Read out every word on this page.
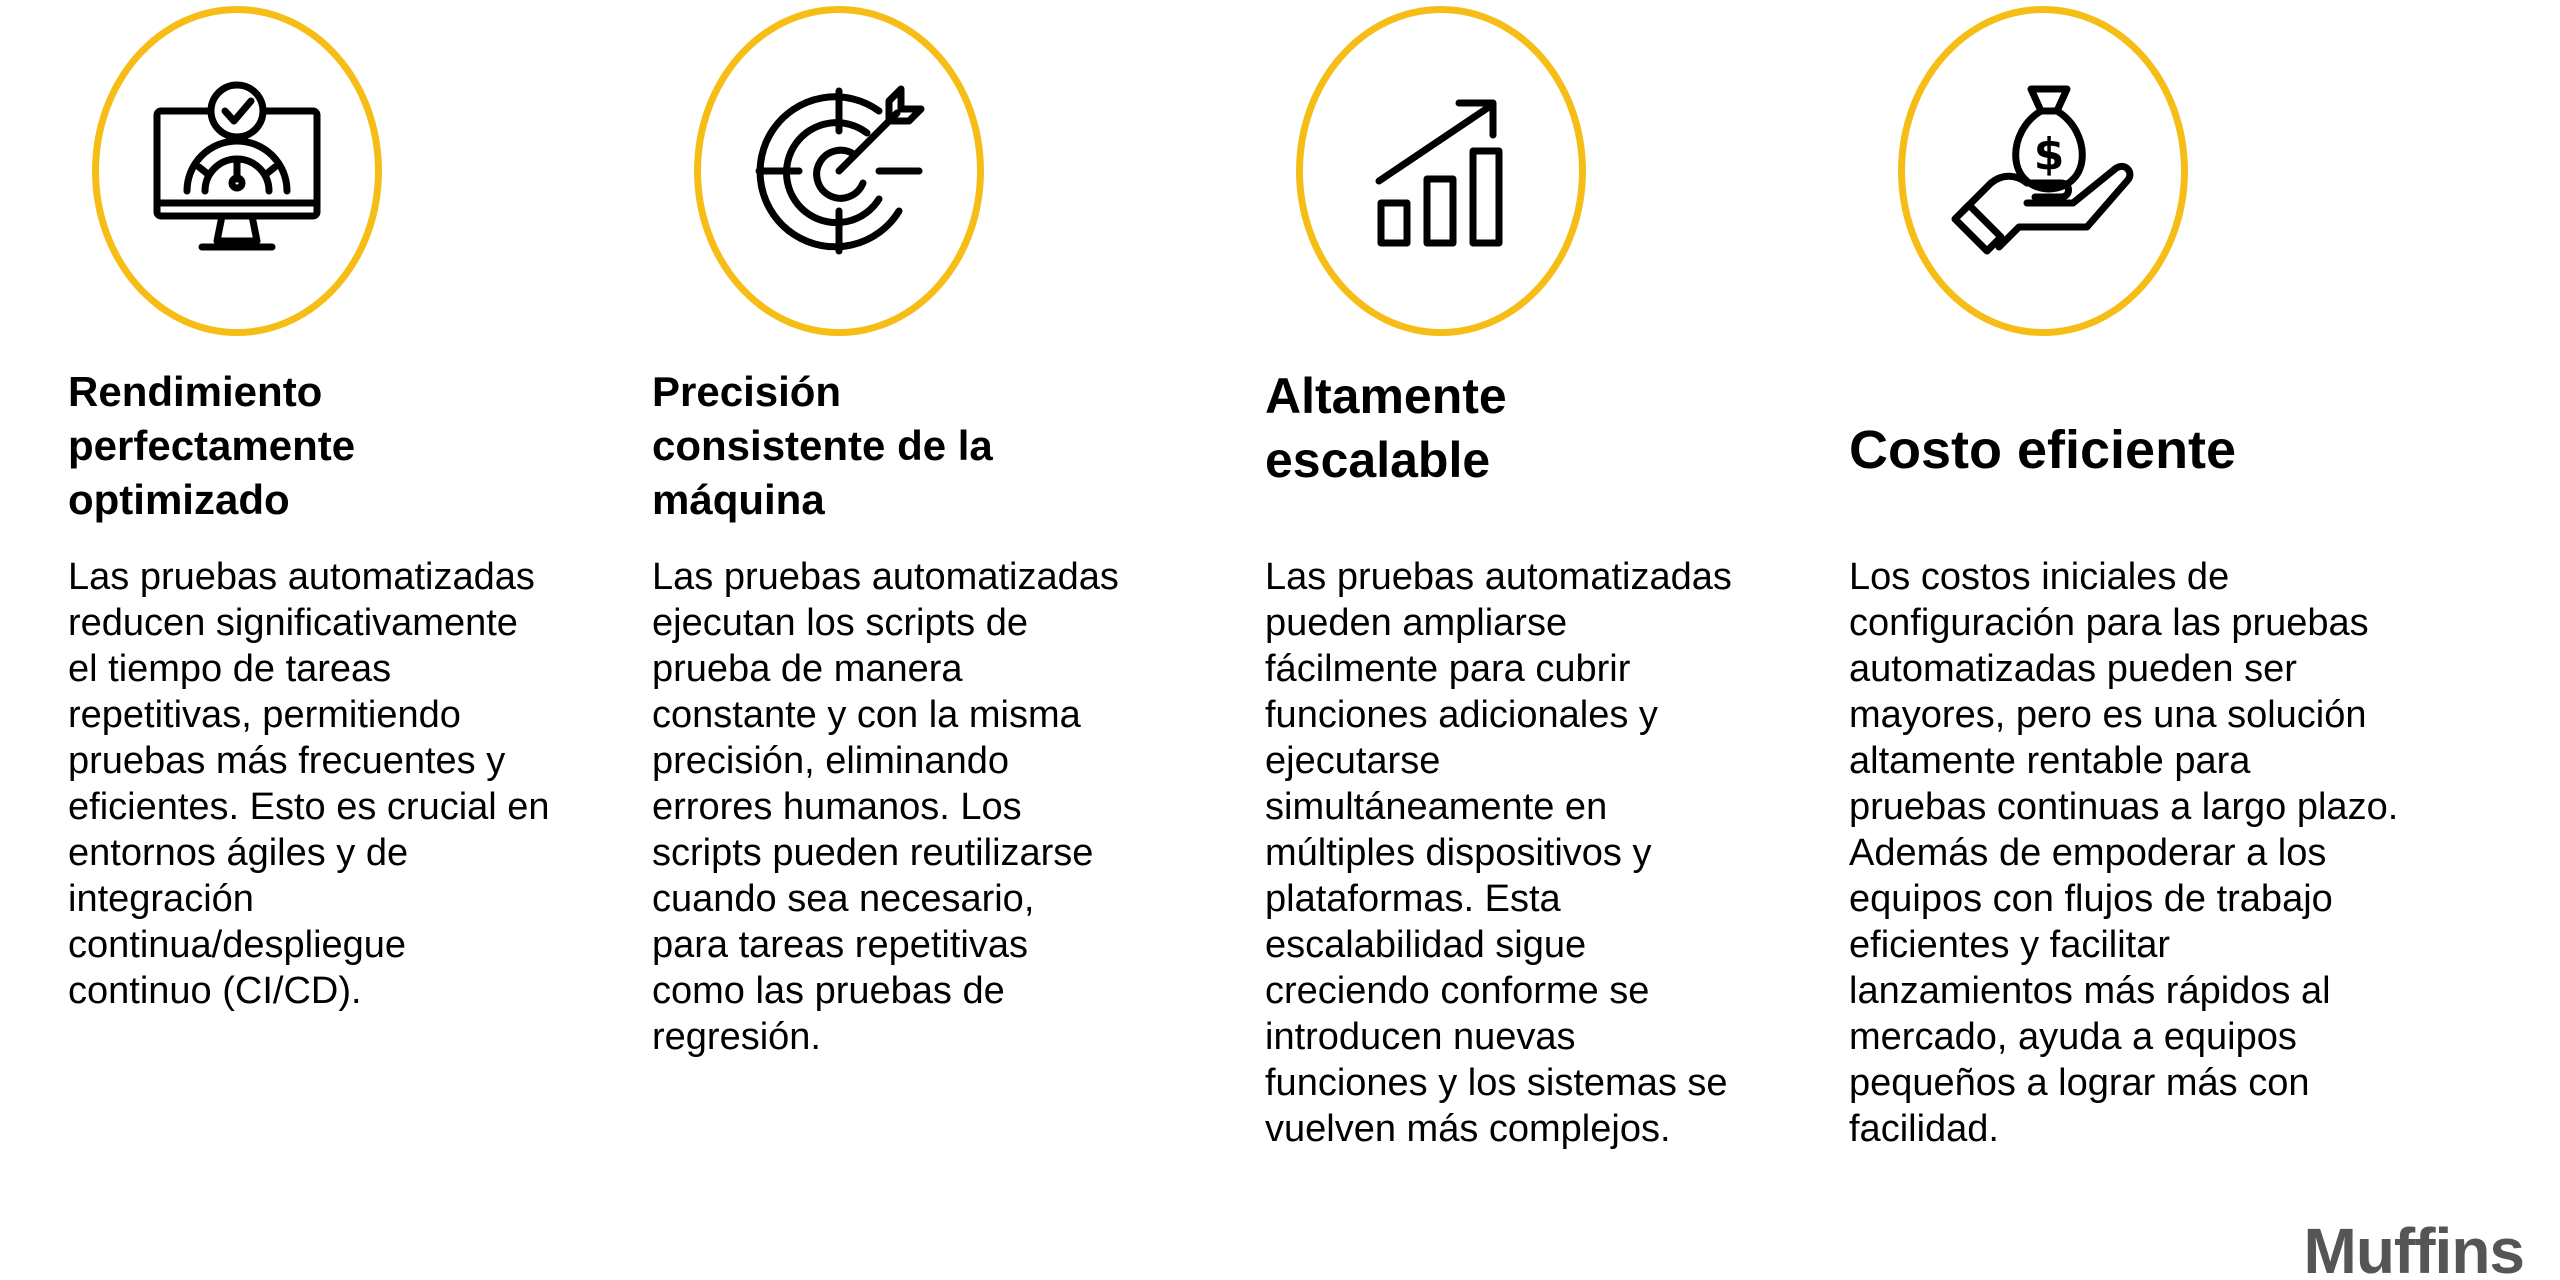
Rendimiento
perfectamente
optimizado

Las pruebas automatizadas
reducen significativamente
el tiempo de tareas
repetitivas, permitiendo
pruebas más frecuentes y
eficientes. Esto es crucial en
entornos ágiles y de
integración
continua/despliegue
continuo (CI/CD).

Precisión
consistente de la
máquina

Las pruebas automatizadas
ejecutan los scripts de
prueba de manera
constante y con la misma
precisión, eliminando
errores humanos. Los
scripts pueden reutilizarse
cuando sea necesario,
para tareas repetitivas
como las pruebas de
regresión.

Altamente
escalable

Las pruebas automatizadas
pueden ampliarse
fácilmente para cubrir
funciones adicionales y
ejecutarse
simultáneamente en
múltiples dispositivos y
plataformas. Esta
escalabilidad sigue
creciendo conforme se
introducen nuevas
funciones y los sistemas se
vuelven más complejos.

$
Costo eficiente

Los costos iniciales de
configuración para las pruebas
automatizadas pueden ser
mayores, pero es una solución
altamente rentable para
pruebas continuas a largo plazo.
Además de empoderar a los
equipos con flujos de trabajo
eficientes y facilitar
lanzamientos más rápidos al
mercado, ayuda a equipos
pequeños a lograr más con
facilidad.

Muffins
